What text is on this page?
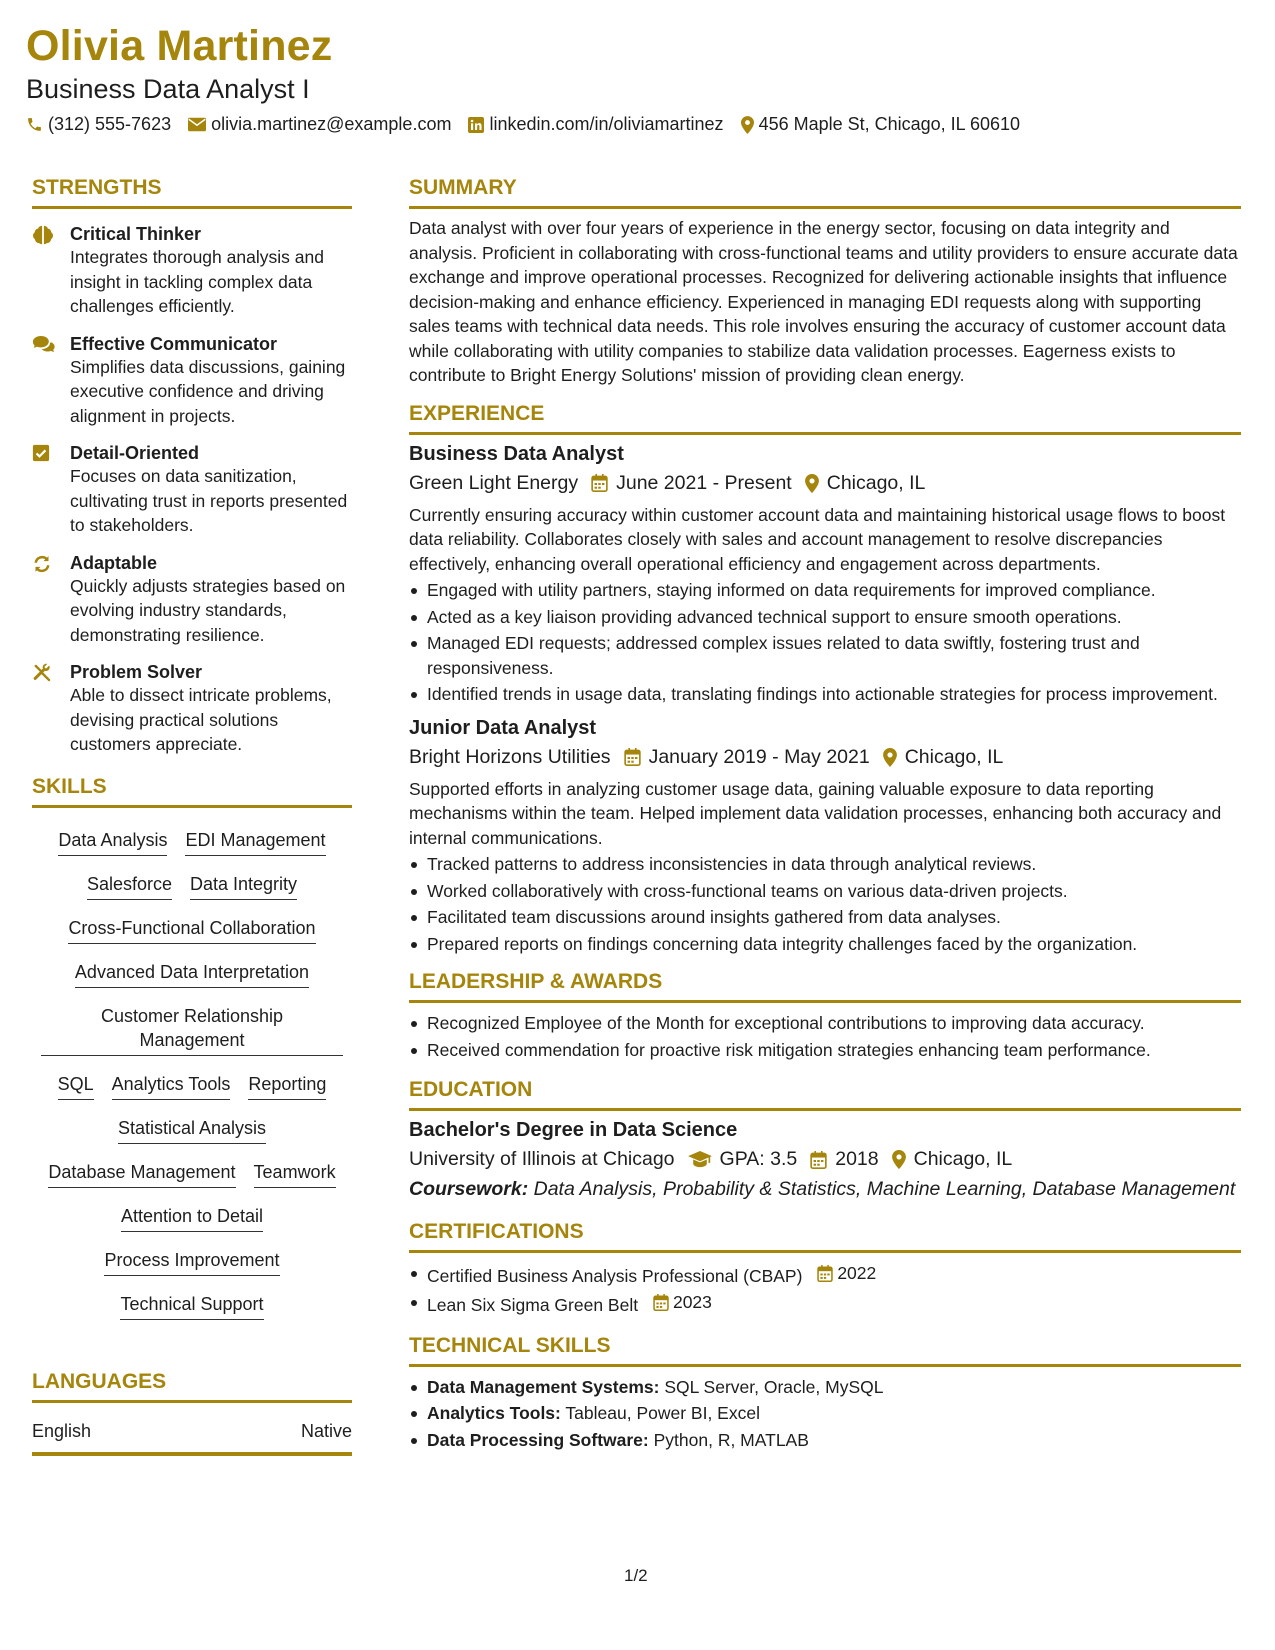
Olivia Martinez
Business Data Analyst I
(312) 555-7623 olivia.martinez@example.com linkedin.com/in/oliviamartinez 456 Maple St, Chicago, IL 60610
STRENGTHS
Critical Thinker
Integrates thorough analysis and insight in tackling complex data challenges efficiently.
Effective Communicator
Simplifies data discussions, gaining executive confidence and driving alignment in projects.
Detail-Oriented
Focuses on data sanitization, cultivating trust in reports presented to stakeholders.
Adaptable
Quickly adjusts strategies based on evolving industry standards, demonstrating resilience.
Problem Solver
Able to dissect intricate problems, devising practical solutions customers appreciate.
SKILLS
Data Analysis EDI Management
Salesforce Data Integrity
Cross-Functional Collaboration
Advanced Data Interpretation
Customer Relationship Management
SQL Analytics Tools Reporting
Statistical Analysis
Database Management Teamwork
Attention to Detail
Process Improvement
Technical Support
LANGUAGES
English	Native
SUMMARY
Data analyst with over four years of experience in the energy sector, focusing on data integrity and analysis. Proficient in collaborating with cross-functional teams and utility providers to ensure accurate data exchange and improve operational processes. Recognized for delivering actionable insights that influence decision-making and enhance efficiency. Experienced in managing EDI requests along with supporting sales teams with technical data needs. This role involves ensuring the accuracy of customer account data while collaborating with utility companies to stabilize data validation processes. Eagerness exists to contribute to Bright Energy Solutions' mission of providing clean energy.
EXPERIENCE
Business Data Analyst
Green Light Energy June 2021 - Present Chicago, IL
Currently ensuring accuracy within customer account data and maintaining historical usage flows to boost data reliability. Collaborates closely with sales and account management to resolve discrepancies effectively, enhancing overall operational efficiency and engagement across departments.
Engaged with utility partners, staying informed on data requirements for improved compliance.
Acted as a key liaison providing advanced technical support to ensure smooth operations.
Managed EDI requests; addressed complex issues related to data swiftly, fostering trust and responsiveness.
Identified trends in usage data, translating findings into actionable strategies for process improvement.
Junior Data Analyst
Bright Horizons Utilities January 2019 - May 2021 Chicago, IL
Supported efforts in analyzing customer usage data, gaining valuable exposure to data reporting mechanisms within the team. Helped implement data validation processes, enhancing both accuracy and internal communications.
Tracked patterns to address inconsistencies in data through analytical reviews.
Worked collaboratively with cross-functional teams on various data-driven projects.
Facilitated team discussions around insights gathered from data analyses.
Prepared reports on findings concerning data integrity challenges faced by the organization.
LEADERSHIP & AWARDS
Recognized Employee of the Month for exceptional contributions to improving data accuracy.
Received commendation for proactive risk mitigation strategies enhancing team performance.
EDUCATION
Bachelor's Degree in Data Science
University of Illinois at Chicago GPA: 3.5 2018 Chicago, IL
Coursework: Data Analysis, Probability & Statistics, Machine Learning, Database Management
CERTIFICATIONS
Certified Business Analysis Professional (CBAP) 2022
Lean Six Sigma Green Belt 2023
TECHNICAL SKILLS
Data Management Systems: SQL Server, Oracle, MySQL
Analytics Tools: Tableau, Power BI, Excel
Data Processing Software: Python, R, MATLAB
1/2
